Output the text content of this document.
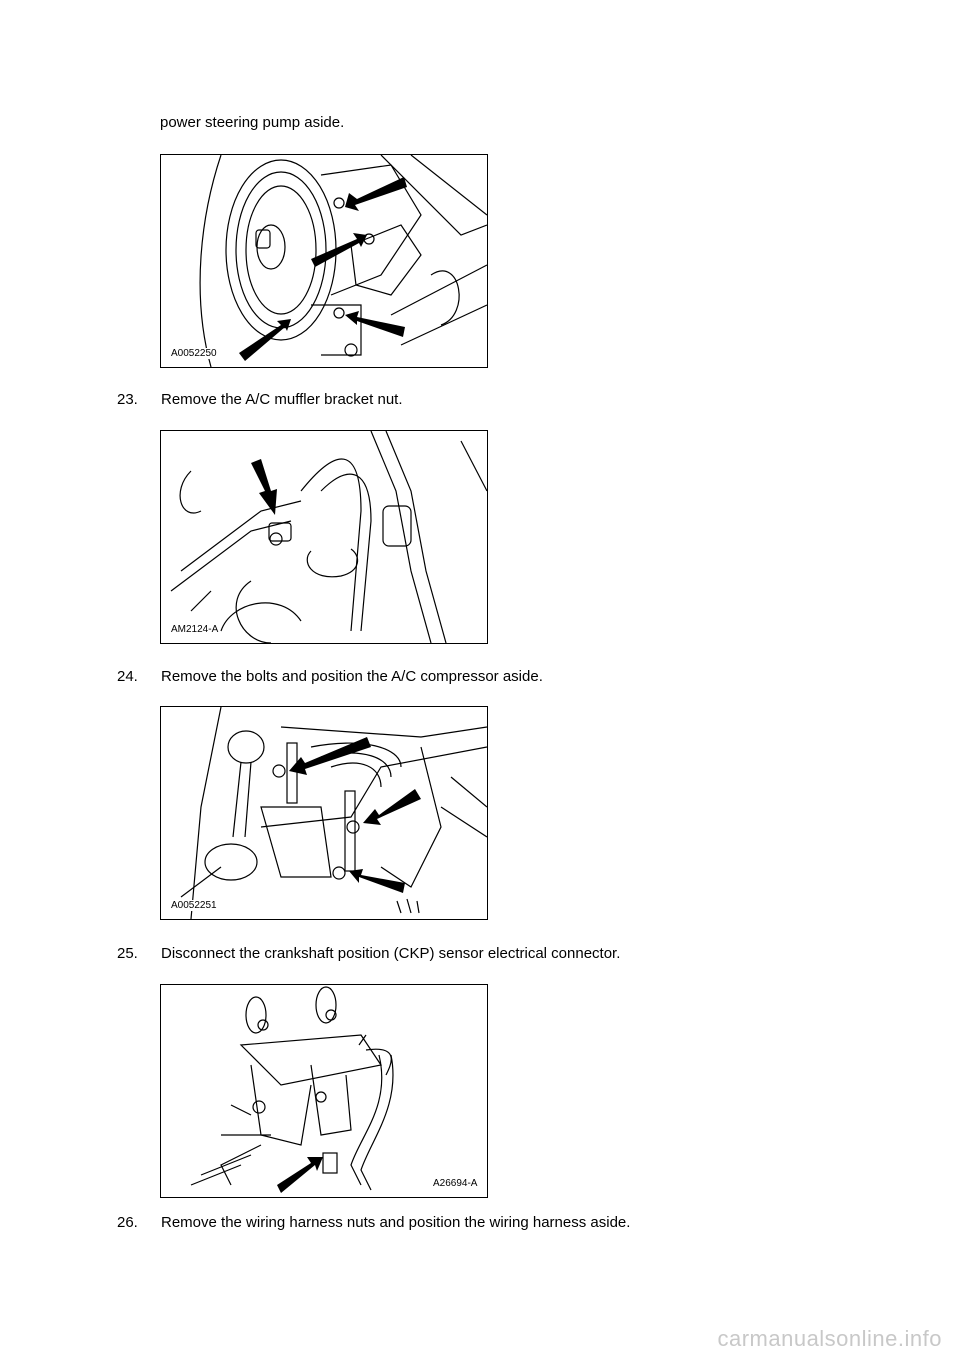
power steering pump aside.
A0052250
23. Remove the A/C muffler bracket nut.
AM2124-A
24. Remove the bolts and position the A/C compressor aside.
A0052251
25. Disconnect the crankshaft position (CKP) sensor electrical connector.
A26694-A
26. Remove the wiring harness nuts and position the wiring harness aside.
carmanualsonline.info
